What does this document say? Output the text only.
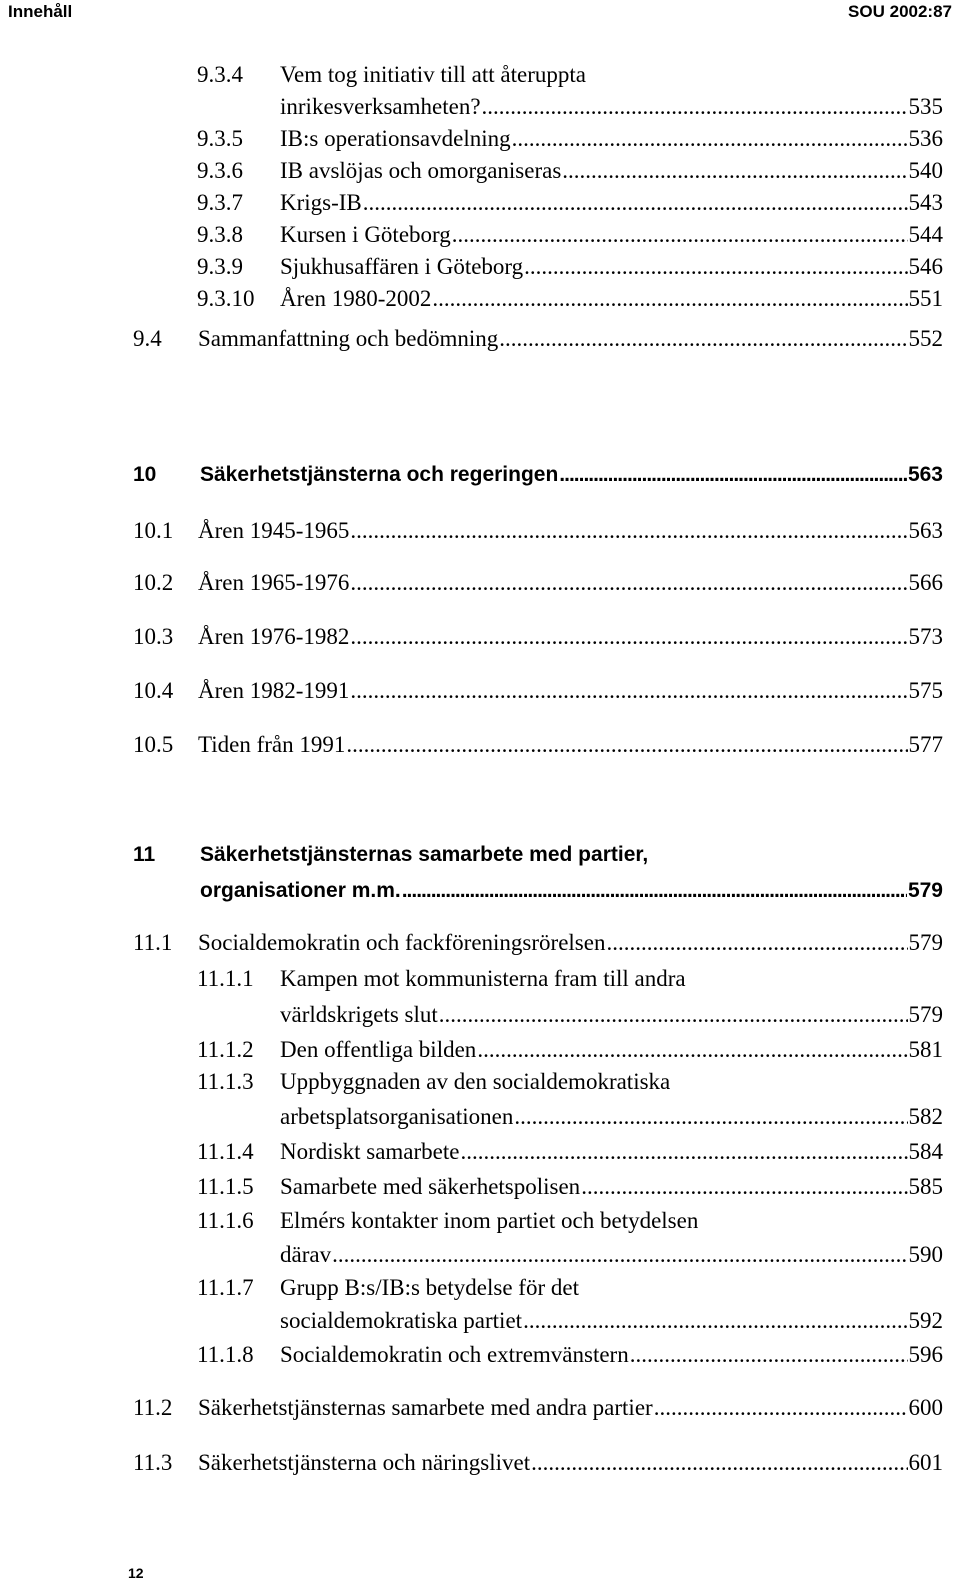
Innehåll	SOU 2002:87
9.3.4 Vem tog initiativ till att återuppta
inrikesverksamheten? .....	535
9.3.5 IB:s operationsavdelning .....	536
9.3.6 IB avslöjas och omorganiseras .....	540
9.3.7 Krigs-IB .....	543
9.3.8 Kursen i Göteborg .....	544
9.3.9 Sjukhusaffären i Göteborg .....	546
9.3.10 Åren 1980-2002 .....	551
9.4 Sammanfattning och bedömning .....	552
10 Säkerhetstjänsterna och regeringen .....	563
10.1 Åren 1945-1965 .....	563
10.2 Åren 1965-1976 .....	566
10.3 Åren 1976-1982 .....	573
10.4 Åren 1982-1991 .....	575
10.5 Tiden från 1991 .....	577
11 Säkerhetstjänsternas samarbete med partier,
organisationer m.m. .....	579
11.1 Socialdemokratin och fackföreningsrörelsen .....	579
11.1.1 Kampen mot kommunisterna fram till andra
världskrigets slut .....	579
11.1.2 Den offentliga bilden .....	581
11.1.3 Uppbyggnaden av den socialdemokratiska
arbetsplatsorganisationen .....	582
11.1.4 Nordiskt samarbete .....	584
11.1.5 Samarbete med säkerhetspolisen .....	585
11.1.6 Elmérs kontakter inom partiet och betydelsen
därav .....	590
11.1.7 Grupp B:s/IB:s betydelse för det
socialdemokratiska partiet .....	592
11.1.8 Socialdemokratin och extremvänstern .....	596
11.2 Säkerhetstjänsternas samarbete med andra partier .....	600
11.3 Säkerhetstjänsterna och näringslivet .....	601
12
